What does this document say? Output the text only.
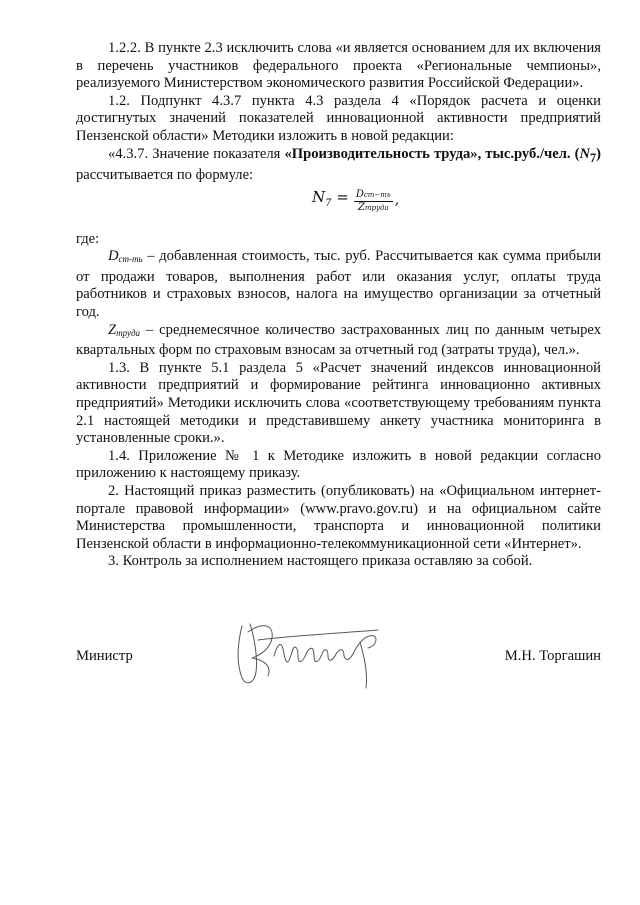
1.2.2. В пункте 2.3 исключить слова «и является основанием для их включения в перечень участников федерального проекта «Региональные чемпионы», реализуемого Министерством экономического развития Российской Федерации».

1.2. Подпункт 4.3.7 пункта 4.3 раздела 4 «Порядок расчета и оценки достигнутых значений показателей инновационной активности предприятий Пензенской области» Методики изложить в новой редакции:

«4.3.7. Значение показателя «Производительность труда», тыс.руб./чел. $(N_7)$ рассчитывается по формуле:

$N_7 = \frac{\text{Dст−ть}}{\text{Zтруда}}$ ,

где:

$D_{ст-ть}$ – добавленная стоимость, тыс. руб. Рассчитывается как сумма прибыли от продажи товаров, выполнения работ или оказания услуг, оплаты труда работников и страховых взносов, налога на имущество организации за отчетный год.

$Z_{труда}$ – среднемесячное количество застрахованных лиц по данным четырех квартальных форм по страховым взносам за отчетный год (затраты труда), чел.».

1.3. В пункте 5.1 раздела 5 «Расчет значений индексов инновационной активности предприятий и формирование рейтинга инновационно активных предприятий» Методики исключить слова «соответствующему требованиям пункта 2.1 настоящей методики и представившему анкету участника мониторинга в установленные сроки.».

1.4. Приложение № 1 к Методике изложить в новой редакции согласно приложению к настоящему приказу.

2. Настоящий приказ разместить (опубликовать) на «Официальном интернет-портале правовой информации» (www.pravo.gov.ru) и на официальном сайте Министерства промышленности, транспорта и инновационной политики Пензенской области в информационно-телекоммуникационной сети «Интернет».

3. Контроль за исполнением настоящего приказа оставляю за собой.

Министр	М.Н. Торгашин
